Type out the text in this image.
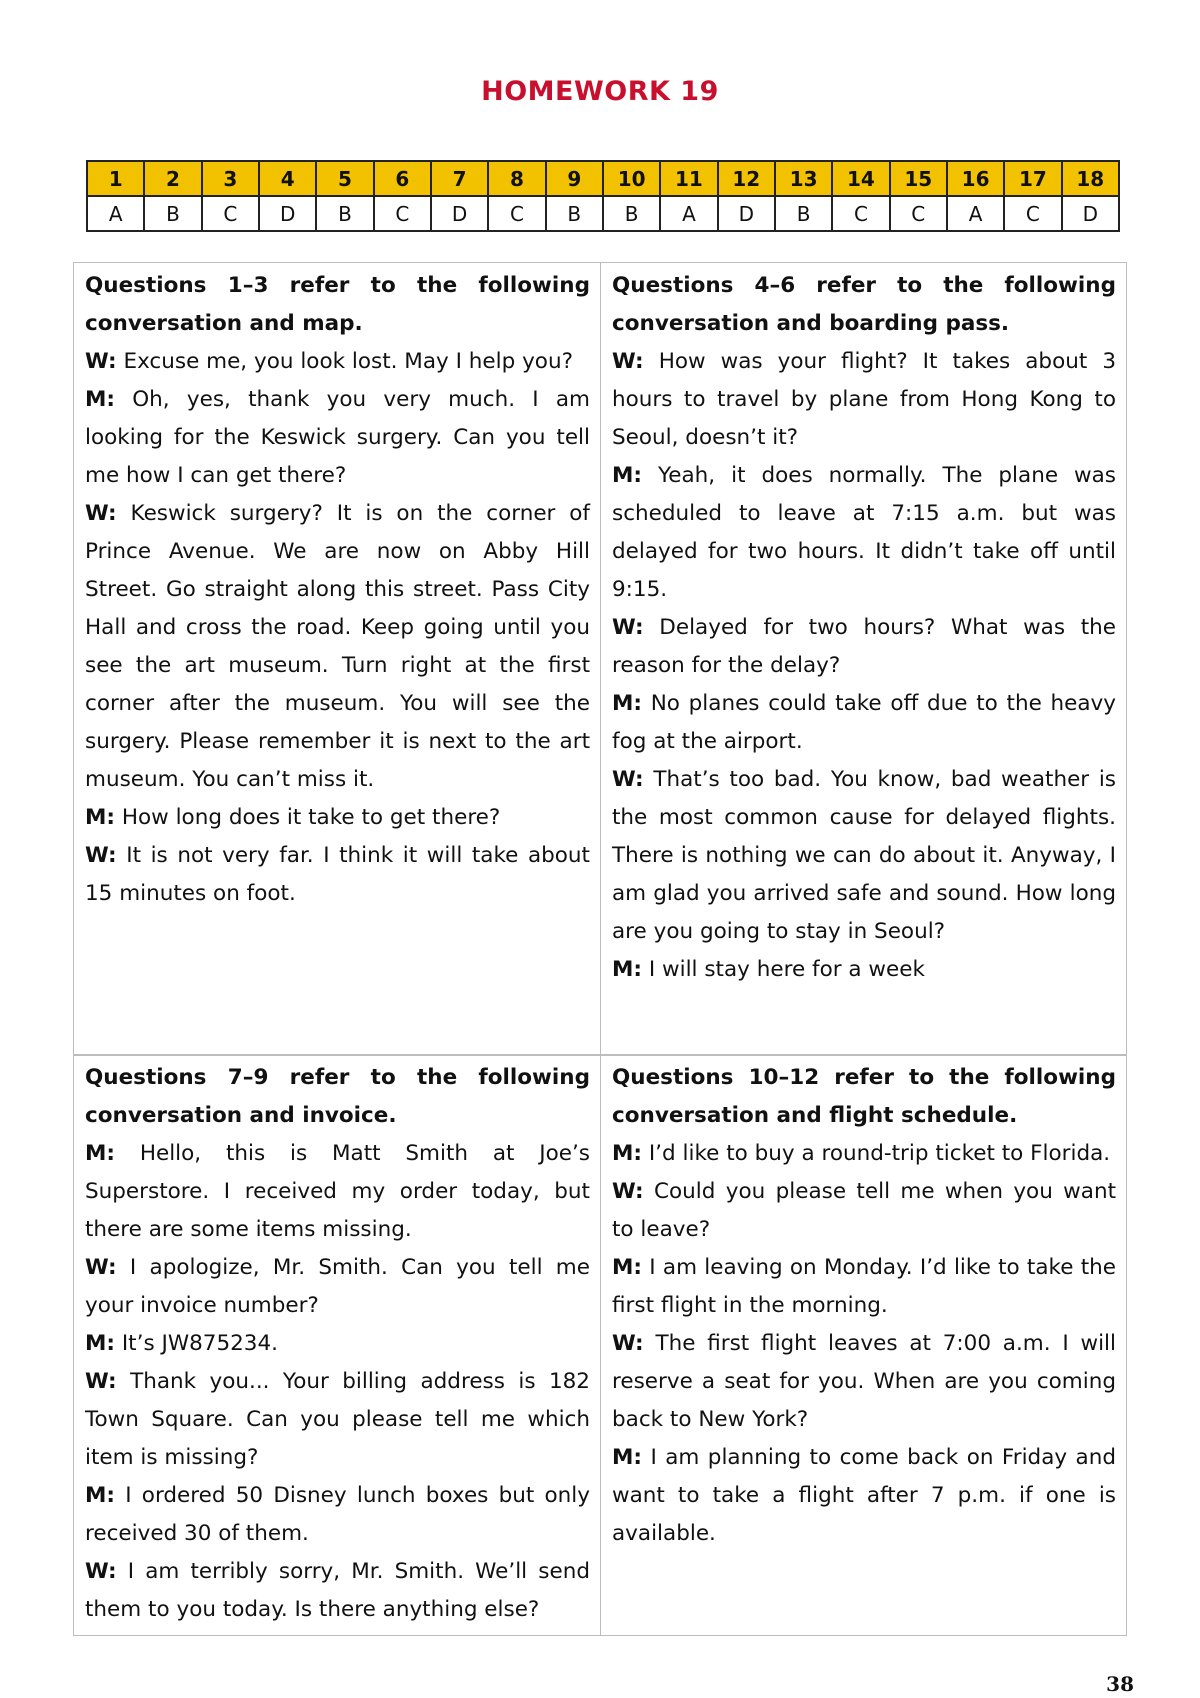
HOMEWORK 19
1	2	3	4	5	6	7	8	9	10	11	12	13	14	15	16	17	18
A	B	C	D	B	C	D	C	B	B	A	D	B	C	C	A	C	D

Questions 1–3 refer to the following conversation and map.
W: Excuse me, you look lost. May I help you?
M: Oh, yes, thank you very much. I am looking for the Keswick surgery. Can you tell me how I can get there?
W: Keswick surgery? It is on the corner of Prince Avenue. We are now on Abby Hill Street. Go straight along this street. Pass City Hall and cross the road. Keep going until you see the art museum. Turn right at the first corner after the museum. You will see the surgery. Please remember it is next to the art museum. You can’t miss it.
M: How long does it take to get there?
W: It is not very far. I think it will take about 15 minutes on foot.

Questions 4–6 refer to the following conversation and boarding pass.
W: How was your flight? It takes about 3 hours to travel by plane from Hong Kong to Seoul, doesn’t it?
M: Yeah, it does normally. The plane was scheduled to leave at 7:15 a.m. but was delayed for two hours. It didn’t take off until 9:15.
W: Delayed for two hours? What was the reason for the delay?
M: No planes could take off due to the heavy fog at the airport.
W: That’s too bad. You know, bad weather is the most common cause for delayed flights. There is nothing we can do about it. Anyway, I am glad you arrived safe and sound. How long are you going to stay in Seoul?
M: I will stay here for a week

Questions 7–9 refer to the following conversation and invoice.
M: Hello, this is Matt Smith at Joe’s Superstore. I received my order today, but there are some items missing.
W: I apologize, Mr. Smith. Can you tell me your invoice number?
M: It’s JW875234.
W: Thank you... Your billing address is 182 Town Square. Can you please tell me which item is missing?
M: I ordered 50 Disney lunch boxes but only received 30 of them.
W: I am terribly sorry, Mr. Smith. We’ll send them to you today. Is there anything else?

Questions 10–12 refer to the following conversation and flight schedule.
M: I’d like to buy a round-trip ticket to Florida.
W: Could you please tell me when you want to leave?
M: I am leaving on Monday. I’d like to take the first flight in the morning.
W: The first flight leaves at 7:00 a.m. I will reserve a seat for you. When are you coming back to New York?
M: I am planning to come back on Friday and want to take a flight after 7 p.m. if one is available.

38
